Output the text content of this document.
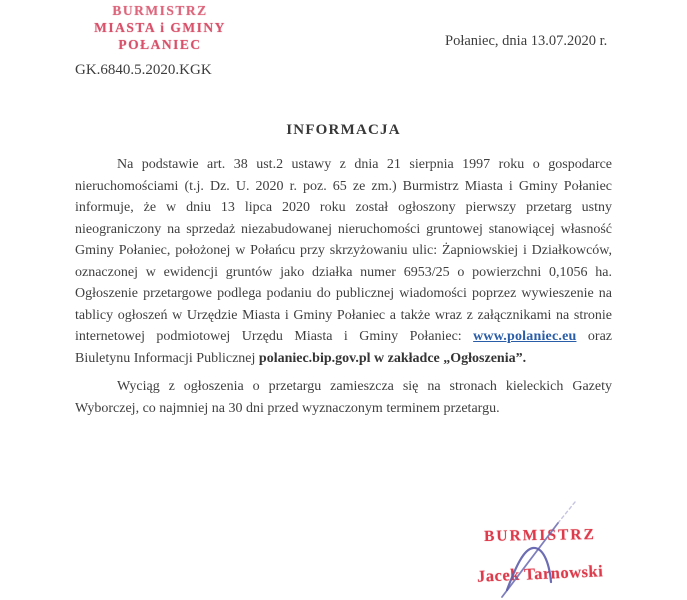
BURMISTRZ
MIASTA i GMINY
POŁANIEC	Połaniec, dnia 13.07.2020 r.
GK.6840.5.2020.KGK
INFORMACJA
Na podstawie art. 38 ust.2 ustawy z dnia 21 sierpnia 1997 roku o gospodarce
nieruchomościami (t.j. Dz. U. 2020 r. poz. 65 ze zm.) Burmistrz Miasta i Gminy Połaniec
informuje, że w dniu 13 lipca 2020 roku został ogłoszony pierwszy przetarg ustny
nieograniczony na sprzedaż niezabudowanej nieruchomości gruntowej stanowiącej własność
Gminy Połaniec, położonej w Połańcu przy skrzyżowaniu ulic: Żapniowskiej i Działkowców,
oznaczonej w ewidencji gruntów jako działka numer 6953/25 o powierzchni 0,1056 ha.
Ogłoszenie przetargowe podlega podaniu do publicznej wiadomości poprzez wywieszenie na
tablicy ogłoszeń w Urzędzie Miasta i Gminy Połaniec a także wraz z załącznikami na stronie
internetowej podmiotowej Urzędu Miasta i Gminy Połaniec: www.polaniec.eu oraz
Biuletynu Informacji Publicznej polaniec.bip.gov.pl w zakładce „Ogłoszenia”.
Wyciąg z ogłoszenia o przetargu zamieszcza się na stronach kieleckich Gazety
Wyborczej, co najmniej na 30 dni przed wyznaczonym terminem przetargu.
BURMISTRZ
Jacek Tarnowski
